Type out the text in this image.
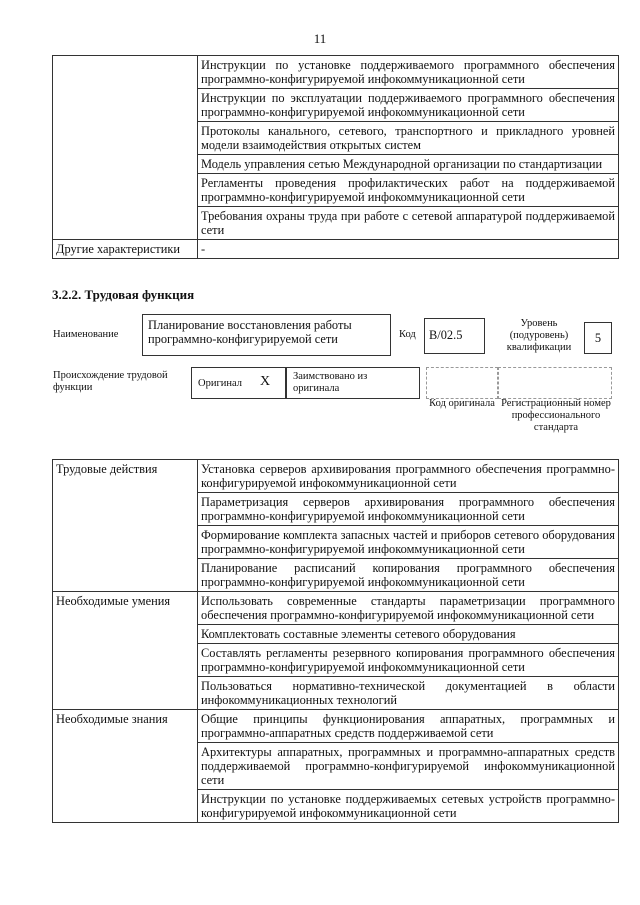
11
	Инструкции по установке поддерживаемого программного обеспечения программно-конфигурируемой инфокоммуникационной сети
	Инструкции по эксплуатации поддерживаемого программного обеспечения программно-конфигурируемой инфокоммуникационной сети
	Протоколы канального, сетевого, транспортного и прикладного уровней модели взаимодействия открытых систем
	Модель управления сетью Международной организации по стандартизации
	Регламенты проведения профилактических работ на поддерживаемой программно-конфигурируемой инфокоммуникационной сети
	Требования охраны труда при работе с сетевой аппаратурой поддерживаемой сети
Другие характеристики	-
3.2.2. Трудовая функция
Наименование
Планирование восстановления работы программно-конфигурируемой сети	Код	B/02.5
Уровень (подуровень) квалификации
5
Происхождение трудовой функции	Оригинал X Заимствовано из оригинала
Код оригинала Регистрационный номер профессионального стандарта
Трудовые действия	Установка серверов архивирования программного обеспечения программно-конфигурируемой инфокоммуникационной сети
	Параметризация серверов архивирования программного обеспечения программно-конфигурируемой инфокоммуникационной сети
	Формирование комплекта запасных частей и приборов сетевого оборудования программно-конфигурируемой инфокоммуникационной сети
	Планирование расписаний копирования программного обеспечения программно-конфигурируемой инфокоммуникационной сети
Необходимые умения	Использовать современные стандарты параметризации программного обеспечения программно-конфигурируемой инфокоммуникационной сети
	Комплектовать составные элементы сетевого оборудования
	Составлять регламенты резервного копирования программного обеспечения программно-конфигурируемой инфокоммуникационной сети
	Пользоваться нормативно-технической документацией в области инфокоммуникационных технологий
Необходимые знания	Общие принципы функционирования аппаратных, программных и программно-аппаратных средств поддерживаемой сети
	Архитектуры аппаратных, программных и программно-аппаратных средств поддерживаемой программно-конфигурируемой инфокоммуникационной сети
	Инструкции по установке поддерживаемых сетевых устройств программно-конфигурируемой инфокоммуникационной сети
